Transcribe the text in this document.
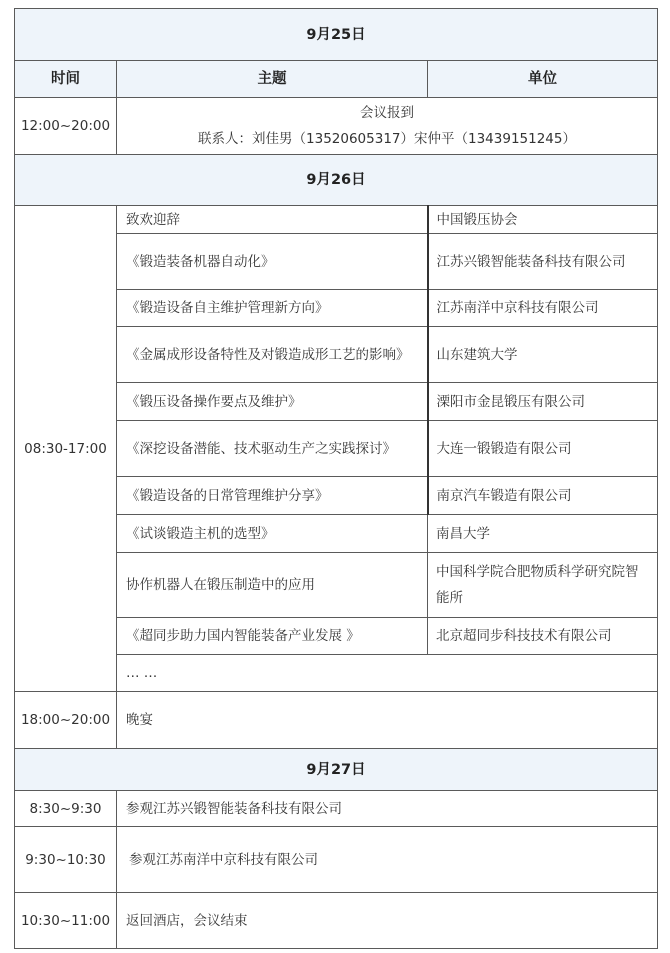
9月25日		
时间	主题	单位
12:00~20:00	会议报到
联系人：刘佳男（13520605317）宋仲平（13439151245）	

9月26日		
08:30-17:00	致欢迎辞	中国锻压协会
	《锻造装备机器自动化》	江苏兴锻智能装备科技有限公司
	《锻造设备自主维护管理新方向》	江苏南洋中京科技有限公司
	《金属成形设备特性及对锻造成形工艺的影响》	山东建筑大学
	《锻压设备操作要点及维护》	溧阳市金昆锻压有限公司
	《深挖设备潜能、技术驱动生产之实践探讨》	大连一锻锻造有限公司
	《锻造设备的日常管理维护分享》	南京汽车锻造有限公司
	《试谈锻造主机的选型》	南昌大学
	协作机器人在锻压制造中的应用	中国科学院合肥物质科学研究院智能所
	《超同步助力国内智能装备产业发展 》	北京超同步科技技术有限公司
	… …	
18:00~20:00	晚宴	
9月27日		
8:30~9:30	参观江苏兴锻智能装备科技有限公司	
9:30~10:30	参观江苏南洋中京科技有限公司	
10:30~11:00	返回酒店，会议结束	
